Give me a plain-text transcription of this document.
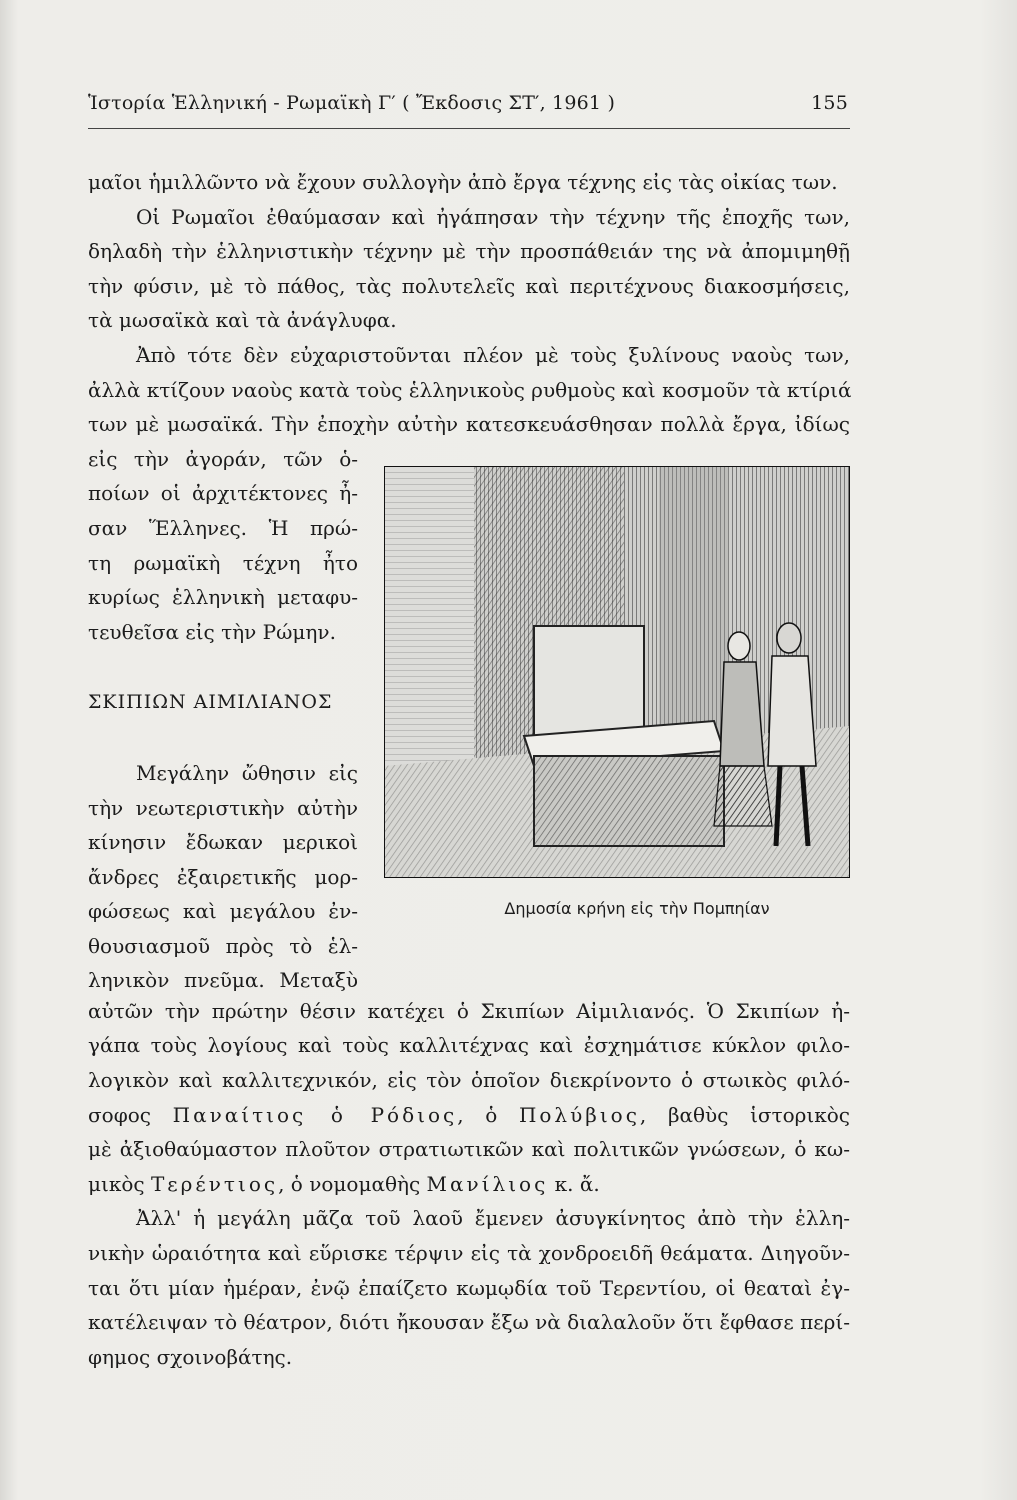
Ἱστορία Ἑλληνική - Ρωμαϊκὴ Γ′ ( Ἔκδοσις ΣΤ′, 1961 )	155
μαῖοι ἡμιλλῶντο νὰ ἔχουν συλλογὴν ἀπὸ ἔργα τέχνης εἰς τὰς οἰκίας των.
Οἱ Ρωμαῖοι ἐθαύμασαν καὶ ἠγάπησαν τὴν τέχνην τῆς ἐποχῆς των,
δηλαδὴ τὴν ἑλληνιστικὴν τέχνην μὲ τὴν προσπάθειάν της νὰ ἀπομιμηθῇ
τὴν φύσιν, μὲ τὸ πάθος, τὰς πολυτελεῖς καὶ περιτέχνους διακοσμήσεις,
τὰ μωσαϊκὰ καὶ τὰ ἀνάγλυφα.
Ἀπὸ τότε δὲν εὐχαριστοῦνται πλέον μὲ τοὺς ξυλίνους ναοὺς των,
ἀλλὰ κτίζουν ναοὺς κατὰ τοὺς ἑλληνικοὺς ρυθμοὺς καὶ κοσμοῦν τὰ κτίριά
των μὲ μωσαϊκά. Τὴν ἐποχὴν αὐτὴν κατεσκευάσθησαν πολλὰ ἔργα, ἰδίως
εἰς τὴν ἀγοράν, τῶν ὁ-
ποίων οἱ ἀρχιτέκτονες ἦ-
σαν Ἕλληνες. Ἡ πρώ-
τη ρωμαϊκὴ τέχνη ἦτο
κυρίως ἑλληνικὴ μεταφυ-
τευθεῖσα εἰς τὴν Ρώμην.
ΣΚΙΠΙΩΝ ΑΙΜΙΛΙΑΝΟΣ
Μεγάλην ὤθησιν εἰς
τὴν νεωτεριστικὴν αὐτὴν
κίνησιν ἔδωκαν μερικοὶ
ἄνδρες ἐξαιρετικῆς μορ-
φώσεως καὶ μεγάλου ἐν-
θουσιασμοῦ πρὸς τὸ ἑλ-
ληνικὸν πνεῦμα. Μεταξὺ
Δημοσία κρήνη εἰς τὴν Πομπηίαν
αὐτῶν τὴν πρώτην θέσιν κατέχει ὁ Σκιπίων Αἰμιλιανός. Ὁ Σκιπίων ἠ-
γάπα τοὺς λογίους καὶ τοὺς καλλιτέχνας καὶ ἐσχημάτισε κύκλον φιλο-
λογικὸν καὶ καλλιτεχνικόν, εἰς τὸν ὁποῖον διεκρίνοντο ὁ στωικὸς φιλό-
σοφος Παναίτιος ὁ Ρόδιος, ὁ Πολύβιος, βαθὺς ἱστορικὸς
μὲ ἀξιοθαύμαστον πλοῦτον στρατιωτικῶν καὶ πολιτικῶν γνώσεων, ὁ κω-
μικὸς Τερέντιος, ὁ νομομαθὴς Μανίλιος κ. ἄ.
Ἀλλ' ἡ μεγάλη μᾶζα τοῦ λαοῦ ἔμενεν ἀσυγκίνητος ἀπὸ τὴν ἑλλη-
νικὴν ὡραιότητα καὶ εὕρισκε τέρψιν εἰς τὰ χονδροειδῆ θεάματα. Διηγοῦν-
ται ὅτι μίαν ἡμέραν, ἐνῷ ἐπαίζετο κωμῳδία τοῦ Τερεντίου, οἱ θεαταὶ ἐγ-
κατέλειψαν τὸ θέατρον, διότι ἤκουσαν ἔξω νὰ διαλαλοῦν ὅτι ἔφθασε περί-
φημος σχοινοβάτης.
